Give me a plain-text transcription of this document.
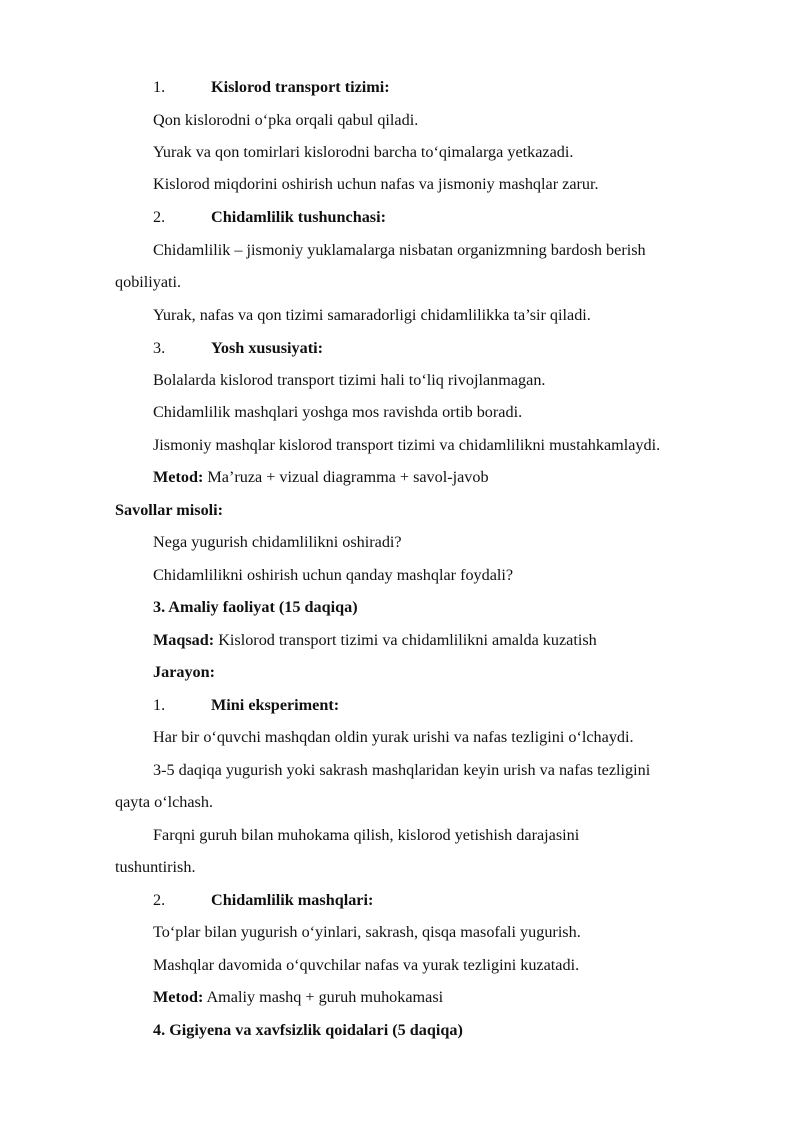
1.	Kislorod transport tizimi:
Qon kislorodni o‘pka orqali qabul qiladi.
Yurak va qon tomirlari kislorodni barcha to‘qimalarga yetkazadi.
Kislorod miqdorini oshirish uchun nafas va jismoniy mashqlar zarur.
2.	Chidamlilik tushunchasi:
Chidamlilik – jismoniy yuklamalarga nisbatan organizmning bardosh berish
qobiliyati.
Yurak, nafas va qon tizimi samaradorligi chidamlilikka ta’sir qiladi.
3.	Yosh xususiyati:
Bolalarda kislorod transport tizimi hali to‘liq rivojlanmagan.
Chidamlilik mashqlari yoshga mos ravishda ortib boradi.
Jismoniy mashqlar kislorod transport tizimi va chidamlilikni mustahkamlaydi.
Metod: Ma’ruza + vizual diagramma + savol-javob
Savollar misoli:
Nega yugurish chidamlilikni oshiradi?
Chidamlilikni oshirish uchun qanday mashqlar foydali?
3. Amaliy faoliyat (15 daqiqa)
Maqsad: Kislorod transport tizimi va chidamlilikni amalda kuzatish
Jarayon:
1.	Mini eksperiment:
Har bir o‘quvchi mashqdan oldin yurak urishi va nafas tezligini o‘lchaydi.
3-5 daqiqa yugurish yoki sakrash mashqlaridan keyin urish va nafas tezligini
qayta o‘lchash.
Farqni guruh bilan muhokama qilish, kislorod yetishish darajasini
tushuntirish.
2.	Chidamlilik mashqlari:
To‘plar bilan yugurish o‘yinlari, sakrash, qisqa masofali yugurish.
Mashqlar davomida o‘quvchilar nafas va yurak tezligini kuzatadi.
Metod: Amaliy mashq + guruh muhokamasi
4. Gigiyena va xavfsizlik qoidalari (5 daqiqa)
